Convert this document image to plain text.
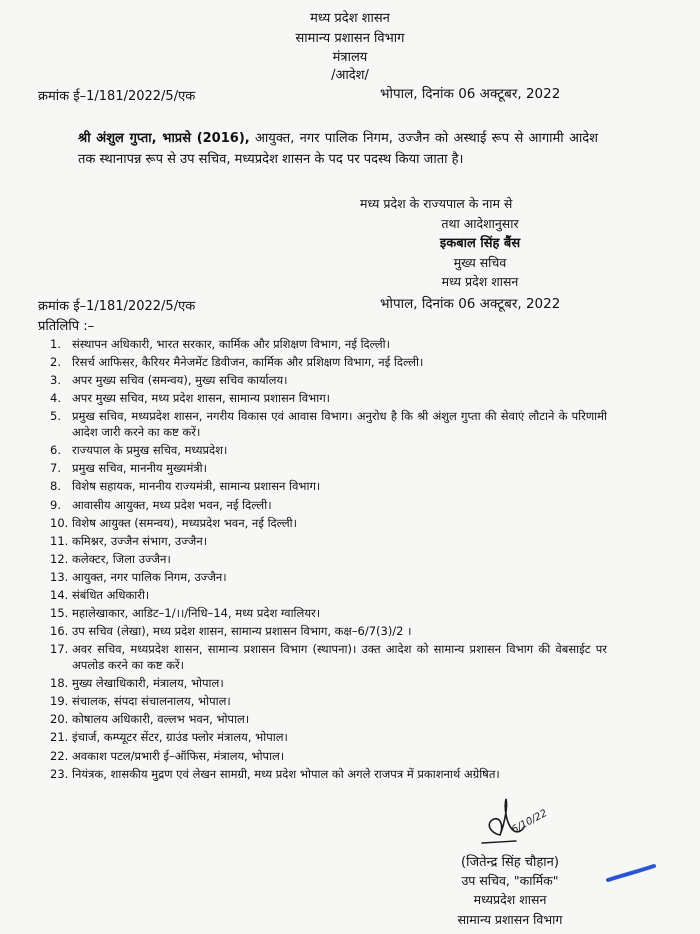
मध्य प्रदेश शासन
सामान्य प्रशासन विभाग
मंत्रालय
/आदेश/
क्रमांक ई–1/181/2022/5/एक	भोपाल, दिनांक 06 अक्टूबर, 2022
श्री अंशुल गुप्ता, भाप्रसे (2016), आयुक्त, नगर पालिक निगम, उज्जैन को अस्थाई रूप से आगामी आदेश तक स्थानापन्न रूप से उप सचिव, मध्यप्रदेश शासन के पद पर पदस्थ किया जाता है।
मध्य प्रदेश के राज्यपाल के नाम से
तथा आदेशानुसार
इकबाल सिंह बैंस
मुख्य सचिव
मध्य प्रदेश शासन
क्रमांक ई–1/181/2022/5/एक	भोपाल, दिनांक 06 अक्टूबर, 2022
प्रतिलिपि :–
1. संस्थापन अधिकारी, भारत सरकार, कार्मिक और प्रशिक्षण विभाग, नई दिल्ली।
2. रिसर्च आफिसर, कैरियर मैनेजमेंट डिवीजन, कार्मिक और प्रशिक्षण विभाग, नई दिल्ली।
3. अपर मुख्य सचिव (समन्वय), मुख्य सचिव कार्यालय।
4. अपर मुख्य सचिव, मध्य प्रदेश शासन, सामान्य प्रशासन विभाग।
5. प्रमुख सचिव, मध्यप्रदेश शासन, नगरीय विकास एवं आवास विभाग। अनुरोध है कि श्री अंशुल गुप्ता की सेवाएं लौटाने के परिणामी आदेश जारी करने का कष्ट करें।
6. राज्यपाल के प्रमुख सचिव, मध्यप्रदेश।
7. प्रमुख सचिव, माननीय मुख्यमंत्री।
8. विशेष सहायक, माननीय राज्यमंत्री, सामान्य प्रशासन विभाग।
9. आवासीय आयुक्त, मध्य प्रदेश भवन, नई दिल्ली।
10. विशेष आयुक्त (समन्वय), मध्यप्रदेश भवन, नई दिल्ली।
11. कमिश्नर, उज्जैन संभाग, उज्जैन।
12. कलेक्टर, जिला उज्जैन।
13. आयुक्त, नगर पालिक निगम, उज्जैन।
14. संबंधित अधिकारी।
15. महालेखाकार, आडिट–1/।।/निधि–14, मध्य प्रदेश ग्वालियर।
16. उप सचिव (लेखा), मध्य प्रदेश शासन, सामान्य प्रशासन विभाग, कक्ष–6/7(3)/2 ।
17. अवर सचिव, मध्यप्रदेश शासन, सामान्य प्रशासन विभाग (स्थापना)। उक्त आदेश को सामान्य प्रशासन विभाग की वेबसाईट पर अपलोड करने का कष्ट करें।
18. मुख्य लेखाधिकारी, मंत्रालय, भोपाल।
19. संचालक, संपदा संचालनालय, भोपाल।
20. कोषालय अधिकारी, वल्लभ भवन, भोपाल।
21. इंचार्ज, कम्प्यूटर सेंटर, ग्राउंड फ्लोर मंत्रालय, भोपाल।
22. अवकाश पटल/प्रभारी ई–ऑफिस, मंत्रालय, भोपाल।
23. नियंत्रक, शासकीय मुद्रण एवं लेखन सामग्री, मध्य प्रदेश भोपाल को अगले राजपत्र में प्रकाशनार्थ अग्रेषित।
6/10/22
(जितेन्द्र सिंह चौहान)
उप सचिव, "कार्मिक"
मध्यप्रदेश शासन
सामान्य प्रशासन विभाग
